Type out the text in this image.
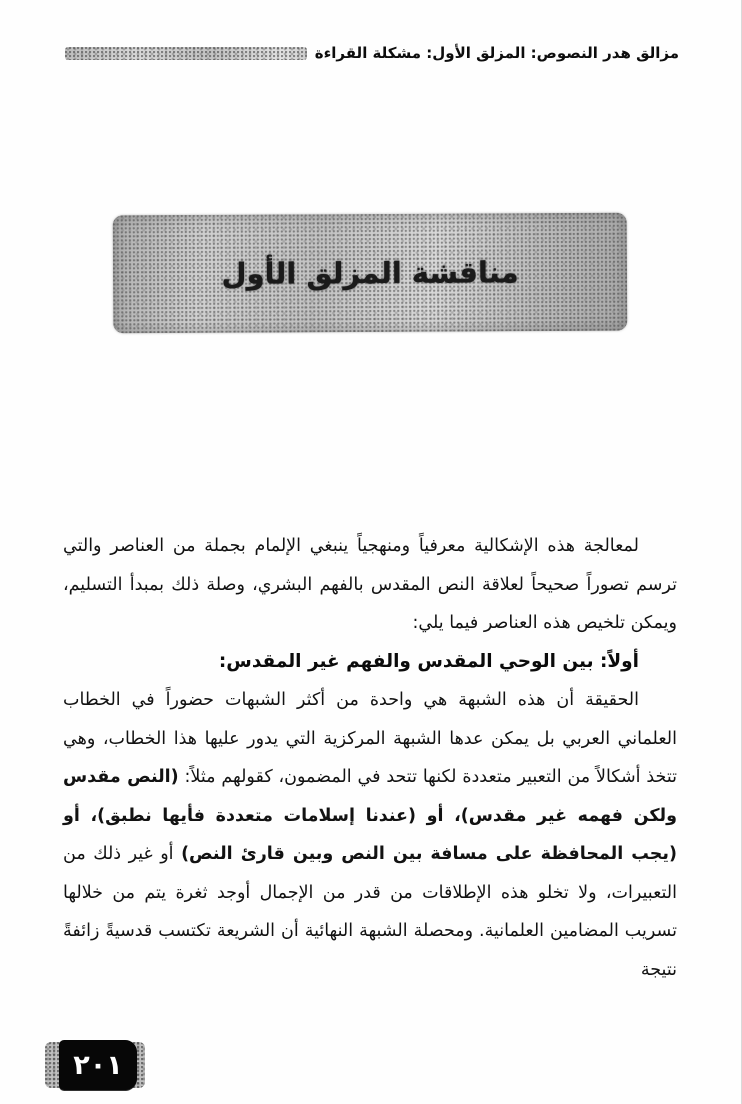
مزالق هدر النصوص: المزلق الأول: مشكلة القراءة
مناقشة المزلق الأول

لمعالجة هذه الإشكالية معرفياً ومنهجياً ينبغي الإلمام بجملة من العناصر والتي ترسم تصوراً صحيحاً لعلاقة النص المقدس بالفهم البشري، وصلة ذلك بمبدأ التسليم، ويمكن تلخيص هذه العناصر فيما يلي:

أولاً: بين الوحي المقدس والفهم غير المقدس:

الحقيقة أن هذه الشبهة هي واحدة من أكثر الشبهات حضوراً في الخطاب العلماني العربي بل يمكن عدها الشبهة المركزية التي يدور عليها هذا الخطاب، وهي تتخذ أشكالاً من التعبير متعددة لكنها تتحد في المضمون، كقولهم مثلاً: (النص مقدس ولكن فهمه غير مقدس)، أو (عندنا إسلامات متعددة فأيها نطبق)، أو (يجب المحافظة على مسافة بين النص وبين قارئ النص) أو غير ذلك من التعبيرات، ولا تخلو هذه الإطلاقات من قدر من الإجمال أوجد ثغرة يتم من خلالها تسريب المضامين العلمانية. ومحصلة الشبهة النهائية أن الشريعة تكتسب قدسيةً زائفةً نتيجة

٢٠١
